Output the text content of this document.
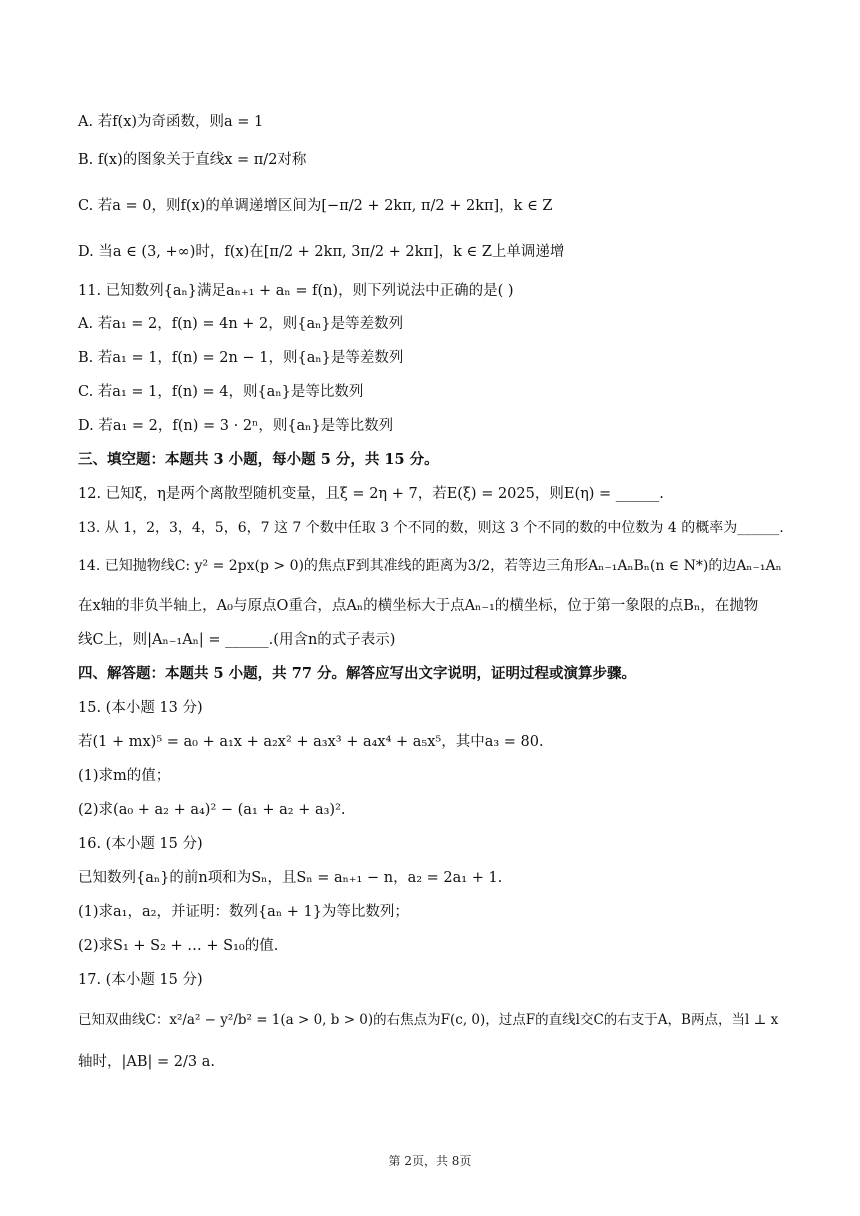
A. 若f(x)为奇函数，则a = 1
B. f(x)的图象关于直线x = π/2对称
C. 若a = 0，则f(x)的单调递增区间为[−π/2 + 2kπ, π/2 + 2kπ]，k ∈ Z
D. 当a ∈ (3, +∞)时，f(x)在[π/2 + 2kπ, 3π/2 + 2kπ]，k ∈ Z上单调递增
11. 已知数列{aₙ}满足aₙ₊₁ + aₙ = f(n)，则下列说法中正确的是( )
A. 若a₁ = 2，f(n) = 4n + 2，则{aₙ}是等差数列
B. 若a₁ = 1，f(n) = 2n − 1，则{aₙ}是等差数列
C. 若a₁ = 1，f(n) = 4，则{aₙ}是等比数列
D. 若a₁ = 2，f(n) = 3 · 2ⁿ，则{aₙ}是等比数列
三、填空题：本题共 3 小题，每小题 5 分，共 15 分。
12. 已知ξ，η是两个离散型随机变量，且ξ = 2η + 7，若E(ξ) = 2025，则E(η) = ______.
13. 从 1，2，3，4，5，6，7 这 7 个数中任取 3 个不同的数，则这 3 个不同的数的中位数为 4 的概率为______.
14. 已知抛物线C: y² = 2px(p > 0)的焦点F到其准线的距离为3/2，若等边三角形Aₙ₋₁AₙBₙ(n ∈ N*)的边Aₙ₋₁Aₙ
在x轴的非负半轴上，A₀与原点O重合，点Aₙ的横坐标大于点Aₙ₋₁的横坐标，位于第一象限的点Bₙ，在抛物
线C上，则|Aₙ₋₁Aₙ| = ______.(用含n的式子表示)
四、解答题：本题共 5 小题，共 77 分。解答应写出文字说明，证明过程或演算步骤。
15. (本小题 13 分)
若(1 + mx)⁵ = a₀ + a₁x + a₂x² + a₃x³ + a₄x⁴ + a₅x⁵，其中a₃ = 80.
(1)求m的值；
(2)求(a₀ + a₂ + a₄)² − (a₁ + a₂ + a₃)².
16. (本小题 15 分)
已知数列{aₙ}的前n项和为Sₙ，且Sₙ = aₙ₊₁ − n，a₂ = 2a₁ + 1.
(1)求a₁，a₂，并证明：数列{aₙ + 1}为等比数列；
(2)求S₁ + S₂ + … + S₁₀的值.
17. (本小题 15 分)
已知双曲线C：x²/a² − y²/b² = 1(a > 0, b > 0)的右焦点为F(c, 0)，过点F的直线l交C的右支于A，B两点，当l ⊥ x
轴时，|AB| = 2/3 a.
第 2页，共 8页
